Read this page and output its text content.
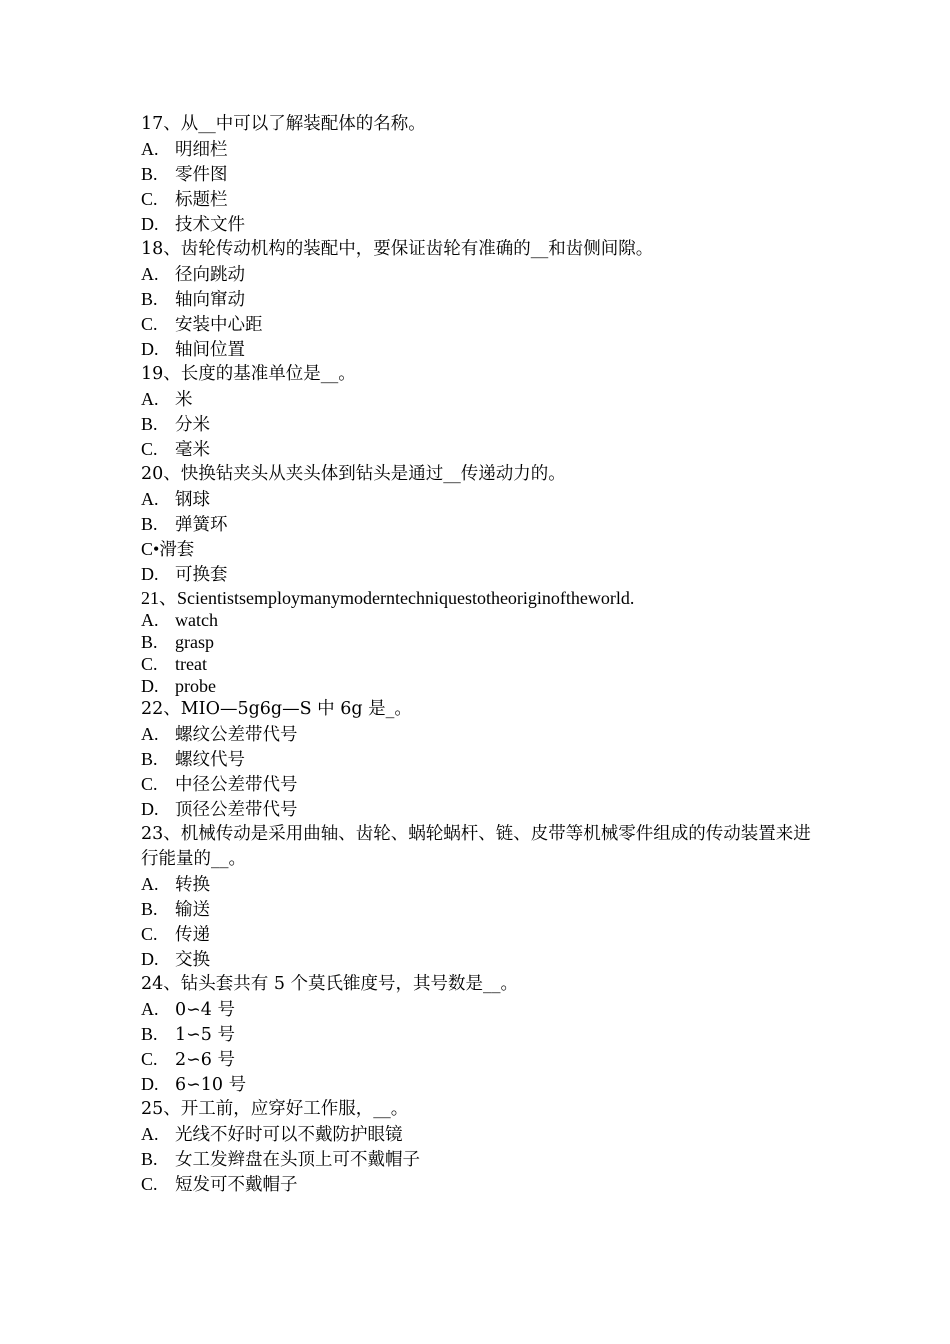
17、从__中可以了解装配体的名称。
A. 明细栏
B. 零件图
C. 标题栏
D. 技术文件
18、齿轮传动机构的装配中，要保证齿轮有准确的__和齿侧间隙。
A. 径向跳动
B. 轴向窜动
C. 安装中心距
D. 轴间位置
19、长度的基准单位是__。
A. 米
B. 分米
C. 毫米
20、快换钻夹头从夹头体到钻头是通过__传递动力的。
A. 钢球
B. 弹簧环
C•滑套
D. 可换套
21、Scientistsemploymanymoderntechniquestotheoriginoftheworld.
A. watch
B. grasp
C. treat
D. probe
22、MIO—5g6g—S 中 6g 是_。
A. 螺纹公差带代号
B. 螺纹代号
C. 中径公差带代号
D. 顶径公差带代号
23、机械传动是采用曲轴、齿轮、蜗轮蜗杆、链、皮带等机械零件组成的传动装置来进行能量的__。
A. 转换
B. 输送
C. 传递
D. 交换
24、钻头套共有 5 个莫氏锥度号，其号数是__。
A. 0∽4 号
B. 1∽5 号
C. 2∽6 号
D. 6∽10 号
25、开工前，应穿好工作服，__。
A. 光线不好时可以不戴防护眼镜
B. 女工发辫盘在头顶上可不戴帽子
C. 短发可不戴帽子
